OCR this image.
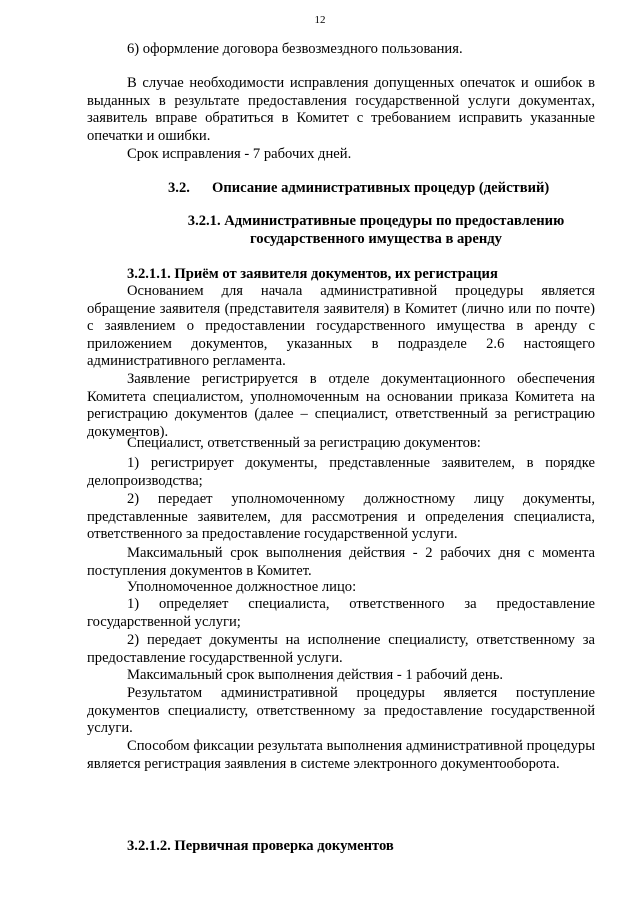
12
6) оформление договора безвозмездного пользования.
В случае необходимости исправления допущенных опечаток и ошибок в выданных в результате предоставления государственной услуги документах, заявитель вправе обратиться в Комитет с требованием исправить указанные опечатки и ошибки.
Срок исправления - 7 рабочих дней.
3.2. Описание административных процедур (действий)
3.2.1. Административные процедуры по предоставлению государственного имущества в аренду
3.2.1.1. Приём от заявителя документов, их регистрация
Основанием для начала административной процедуры является обращение заявителя (представителя заявителя) в Комитет (лично или по почте) с заявлением о предоставлении государственного имущества в аренду с приложением документов, указанных в подразделе 2.6 настоящего административного регламента.
Заявление регистрируется в отделе документационного обеспечения Комитета специалистом, уполномоченным на основании приказа Комитета на регистрацию документов (далее – специалист, ответственный за регистрацию документов).
Специалист, ответственный за регистрацию документов:
1) регистрирует документы, представленные заявителем, в порядке делопроизводства;
2) передает уполномоченному должностному лицу документы, представленные заявителем, для рассмотрения и определения специалиста, ответственного за предоставление государственной услуги.
Максимальный срок выполнения действия - 2 рабочих дня с момента поступления документов в Комитет.
Уполномоченное должностное лицо:
1) определяет специалиста, ответственного за предоставление государственной услуги;
2) передает документы на исполнение специалисту, ответственному за предоставление государственной услуги.
Максимальный срок выполнения действия - 1 рабочий день.
Результатом административной процедуры является поступление документов специалисту, ответственному за предоставление государственной услуги.
Способом фиксации результата выполнения административной процедуры является регистрация заявления в системе электронного документооборота.
3.2.1.2. Первичная проверка документов
